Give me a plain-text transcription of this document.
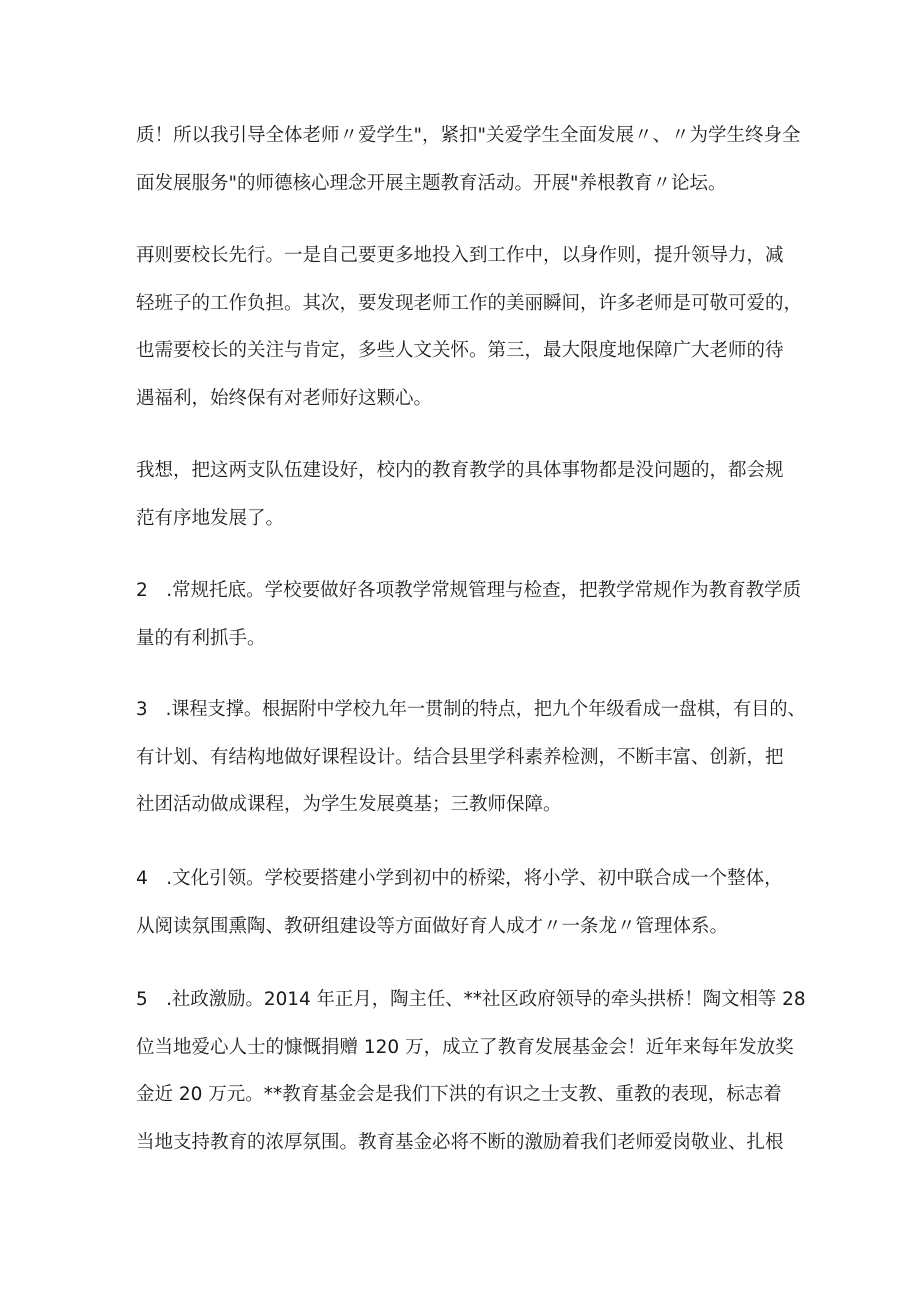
质！所以我引导全体老师〃爱学生"，紧扣"关爱学生全面发展〃、〃为学生终身全
面发展服务"的师德核心理念开展主题教育活动。开展"养根教育〃论坛。

再则要校长先行。一是自己要更多地投入到工作中，以身作则，提升领导力，减
轻班子的工作负担。其次，要发现老师工作的美丽瞬间，许多老师是可敬可爱的，
也需要校长的关注与肯定，多些人文关怀。第三，最大限度地保障广大老师的待
遇福利，始终保有对老师好这颗心。

我想，把这两支队伍建设好，校内的教育教学的具体事物都是没问题的，都会规
范有序地发展了。

2　.常规托底。学校要做好各项教学常规管理与检查，把教学常规作为教育教学质
量的有利抓手。

3　.课程支撑。根据附中学校九年一贯制的特点，把九个年级看成一盘棋，有目的、
有计划、有结构地做好课程设计。结合县里学科素养检测，不断丰富、创新，把
社团活动做成课程，为学生发展奠基；三教师保障。

4　.文化引领。学校要搭建小学到初中的桥梁，将小学、初中联合成一个整体，
从阅读氛围熏陶、教研组建设等方面做好育人成才〃一条龙〃管理体系。

5　.社政激励。2014 年正月，陶主任、**社区政府领导的牵头拱桥！陶文相等 28
位当地爱心人士的慷慨捐赠 120 万，成立了教育发展基金会！近年来每年发放奖
金近 20 万元。**教育基金会是我们下洪的有识之士支教、重教的表现，标志着
当地支持教育的浓厚氛围。教育基金必将不断的激励着我们老师爱岗敬业、扎根
